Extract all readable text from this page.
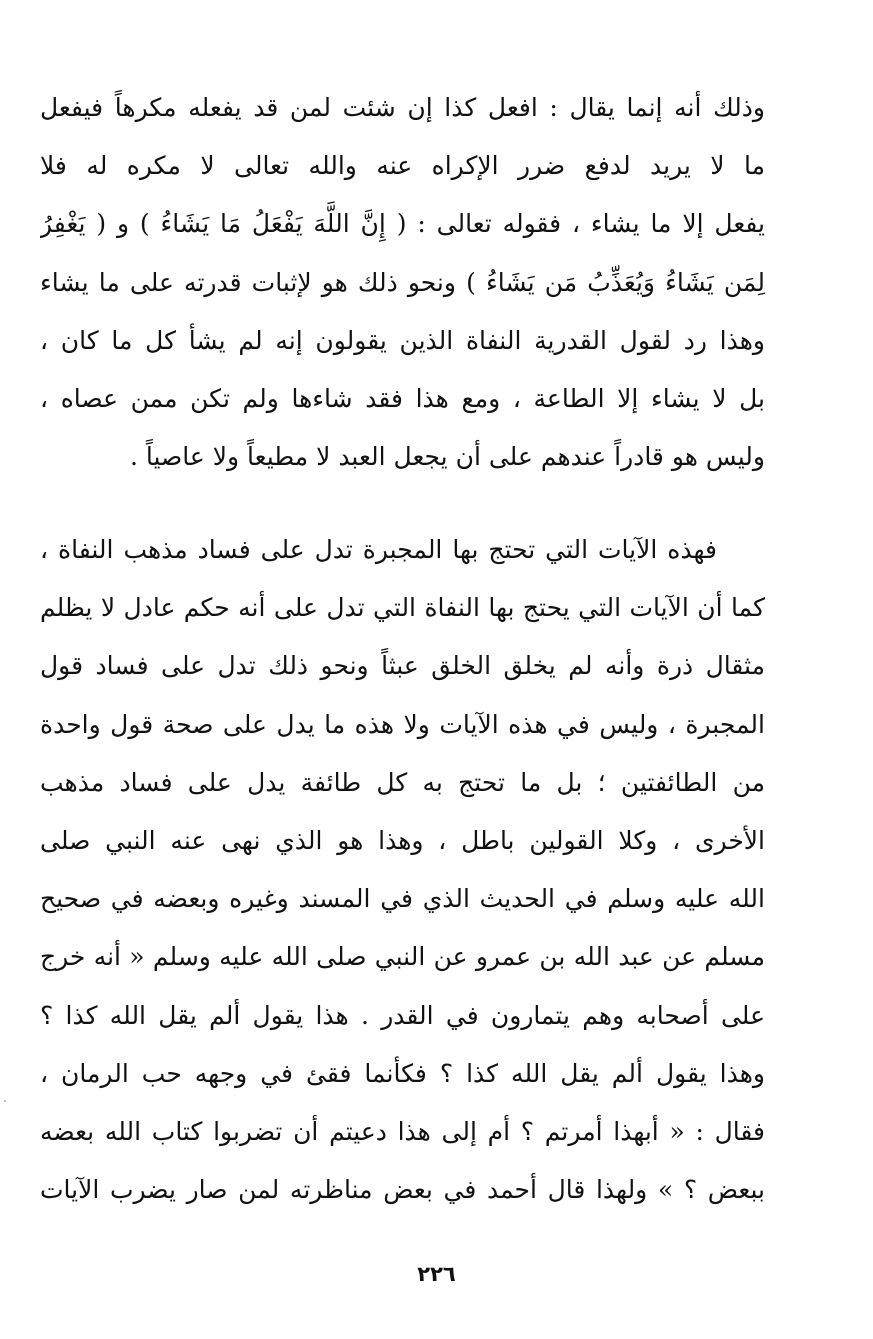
وذلك أنه إنما يقال : افعل كذا إن شئت لمن قد يفعله مكرهاً فيفعل
ما لا يريد لدفع ضرر الإكراه عنه والله تعالى لا مكره له فلا
يفعل إلا ما يشاء ، فقوله تعالى : ( إِنَّ اللَّهَ يَفْعَلُ مَا يَشَاءُ ) و ( يَغْفِرُ
لِمَن يَشَاءُ وَيُعَذِّبُ مَن يَشَاءُ ) ونحو ذلك هو لإثبات قدرته على ما يشاء
وهذا رد لقول القدرية النفاة الذين يقولون إنه لم يشأ كل ما كان ،
بل لا يشاء إلا الطاعة ، ومع هذا فقد شاءها ولم تكن ممن عصاه ،
وليس هو قادراً عندهم على أن يجعل العبد لا مطيعاً ولا عاصياً .
فهذه الآيات التي تحتج بها المجبرة تدل على فساد مذهب النفاة ،
كما أن الآيات التي يحتج بها النفاة التي تدل على أنه حكم عادل لا يظلم
مثقال ذرة وأنه لم يخلق الخلق عبثاً ونحو ذلك تدل على فساد قول
المجبرة ، وليس في هذه الآيات ولا هذه ما يدل على صحة قول واحدة
من الطائفتين ؛ بل ما تحتج به كل طائفة يدل على فساد مذهب
الأخرى ، وكلا القولين باطل ، وهذا هو الذي نهى عنه النبي صلى
الله عليه وسلم في الحديث الذي في المسند وغيره وبعضه في صحيح
مسلم عن عبد الله بن عمرو عن النبي صلى الله عليه وسلم « أنه خرج
على أصحابه وهم يتمارون في القدر . هذا يقول ألم يقل الله كذا ؟
وهذا يقول ألم يقل الله كذا ؟ فكأنما فقئ في وجهه حب الرمان ،
فقال : « أبهذا أمرتم ؟ أم إلى هذا دعيتم أن تضربوا كتاب الله بعضه
ببعض ؟ » ولهذا قال أحمد في بعض مناظرته لمن صار يضرب الآيات
٢٢٦
